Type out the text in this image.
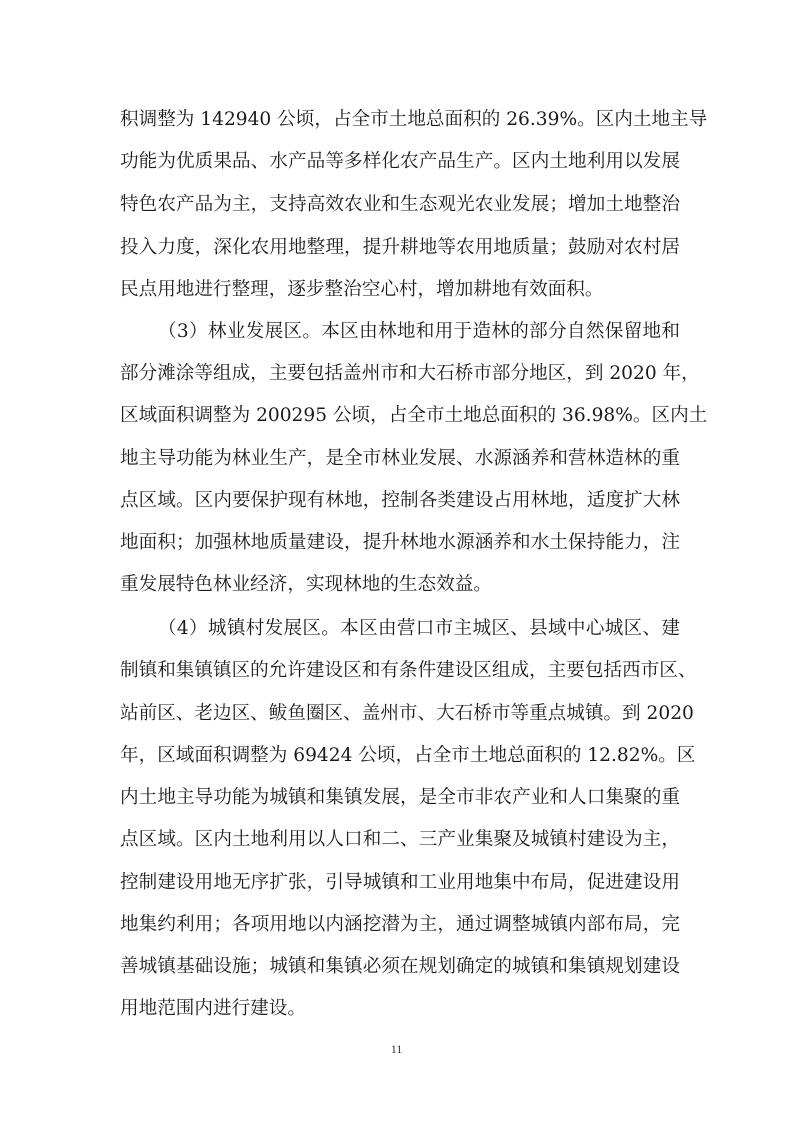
积调整为 142940 公顷，占全市土地总面积的 26.39%。区内土地主导
功能为优质果品、水产品等多样化农产品生产。区内土地利用以发展
特色农产品为主，支持高效农业和生态观光农业发展；增加土地整治
投入力度，深化农用地整理，提升耕地等农用地质量；鼓励对农村居
民点用地进行整理，逐步整治空心村，增加耕地有效面积。
（3）林业发展区。本区由林地和用于造林的部分自然保留地和
部分滩涂等组成，主要包括盖州市和大石桥市部分地区，到 2020 年，
区域面积调整为 200295 公顷，占全市土地总面积的 36.98%。区内土
地主导功能为林业生产，是全市林业发展、水源涵养和营林造林的重
点区域。区内要保护现有林地，控制各类建设占用林地，适度扩大林
地面积；加强林地质量建设，提升林地水源涵养和水土保持能力，注
重发展特色林业经济，实现林地的生态效益。
（4）城镇村发展区。本区由营口市主城区、县域中心城区、建
制镇和集镇镇区的允许建设区和有条件建设区组成，主要包括西市区、
站前区、老边区、鲅鱼圈区、盖州市、大石桥市等重点城镇。到 2020
年，区域面积调整为 69424 公顷，占全市土地总面积的 12.82%。区
内土地主导功能为城镇和集镇发展，是全市非农产业和人口集聚的重
点区域。区内土地利用以人口和二、三产业集聚及城镇村建设为主，
控制建设用地无序扩张，引导城镇和工业用地集中布局，促进建设用
地集约利用；各项用地以内涵挖潜为主，通过调整城镇内部布局，完
善城镇基础设施；城镇和集镇必须在规划确定的城镇和集镇规划建设
用地范围内进行建设。
11
